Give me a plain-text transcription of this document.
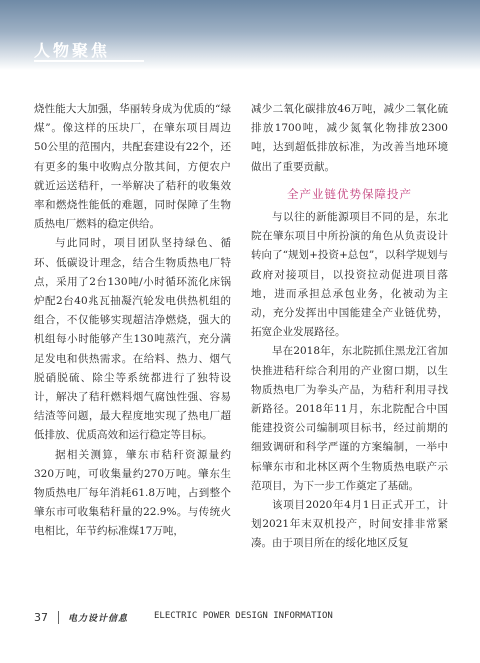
人物聚焦

烧性能大大加强，华丽转身成为优质的“绿煤”。像这样的压块厂，在肇东项目周边50公里的范围内，共配套建设有22个，还有更多的集中收购点分散其间，方便农户就近运送秸秆，一举解决了秸秆的收集效率和燃烧性能低的难题，同时保障了生物质热电厂燃料的稳定供给。

与此同时，项目团队坚持绿色、循环、低碳设计理念，结合生物质热电厂特点，采用了2台130吨/小时循环流化床锅炉配2台40兆瓦抽凝汽轮发电供热机组的组合，不仅能够实现超洁净燃烧，强大的机组每小时能够产生130吨蒸汽，充分满足发电和供热需求。在给料、热力、烟气脱硝脱硫、除尘等系统都进行了独特设计，解决了秸秆燃料烟气腐蚀性强、容易结渣等问题，最大程度地实现了热电厂超低排放、优质高效和运行稳定等目标。

据相关测算，肇东市秸秆资源量约320万吨，可收集量约270万吨。肇东生物质热电厂每年消耗61.8万吨，占到整个肇东市可收集秸秆量的22.9%。与传统火电相比，年节约标准煤17万吨，

减少二氧化碳排放46万吨，减少二氧化硫排放1700吨，减少氮氧化物排放2300吨，达到超低排放标准，为改善当地环境做出了重要贡献。

全产业链优势保障投产

与以往的新能源项目不同的是，东北院在肇东项目中所扮演的角色从负责设计转向了“规划+投资+总包”，以科学规划与政府对接项目，以投资拉动促进项目落地，进而承担总承包业务，化被动为主动，充分发挥出中国能建全产业链优势，拓宽企业发展路径。

早在2018年，东北院抓住黑龙江省加快推进秸秆综合利用的产业窗口期，以生物质热电厂为拳头产品，为秸秆利用寻找新路径。2018年11月，东北院配合中国能建投资公司编制项目标书，经过前期的细致调研和科学严谨的方案编制，一举中标肇东市和北林区两个生物质热电联产示范项目，为下一步工作奠定了基础。

该项目2020年4月1日正式开工，计划2021年末双机投产，时间安排非常紧凑。由于项目所在的绥化地区反复

37 电力设计信息	ELECTRIC POWER DESIGN INFORMATION
